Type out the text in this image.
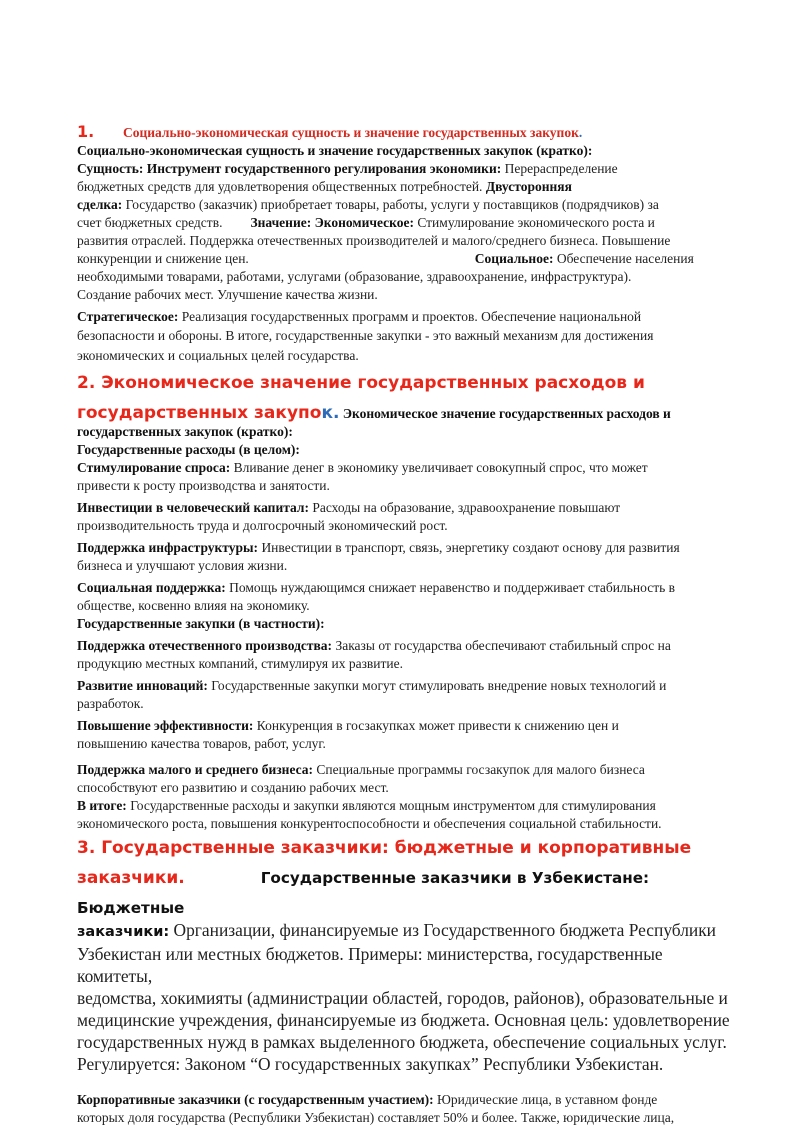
1. Социально-экономическая сущность и значение государственных закупок.

Социально-экономическая сущность и значение государственных закупок (кратко):

Сущность: Инструмент государственного регулирования экономики: Перераспределение

бюджетных средств для удовлетворения общественных потребностей. Двусторонняя

сделка: Государство (заказчик) приобретает товары, работы, услуги у поставщиков (подрядчиков) за

счет бюджетных средств. Значение: Экономическое: Стимулирование экономического роста и

развития отраслей. Поддержка отечественных производителей и малого/среднего бизнеса. Повышение

конкуренции и снижение цен.	Социальное: Обеспечение населения

необходимыми товарами, работами, услугами (образование, здравоохранение, инфраструктура).

Создание рабочих мест. Улучшение качества жизни.

Стратегическое: Реализация государственных программ и проектов. Обеспечение национальной

безопасности и обороны. В итоге, государственные закупки - это важный механизм для достижения

экономических и социальных целей государства.

2. Экономическое значение государственных расходов и
государственных закупок. Экономическое значение государственных расходов и

государственных закупок (кратко):

Государственные расходы (в целом):

Стимулирование спроса: Вливание денег в экономику увеличивает совокупный спрос, что может

привести к росту производства и занятости.

Инвестиции в человеческий капитал: Расходы на образование, здравоохранение повышают

производительность труда и долгосрочный экономический рост.

Поддержка инфраструктуры: Инвестиции в транспорт, связь, энергетику создают основу для развития

бизнеса и улучшают условия жизни.

Социальная поддержка: Помощь нуждающимся снижает неравенство и поддерживает стабильность в

обществе, косвенно влияя на экономику.

Государственные закупки (в частности):

Поддержка отечественного производства: Заказы от государства обеспечивают стабильный спрос на

продукцию местных компаний, стимулируя их развитие.

Развитие инноваций: Государственные закупки могут стимулировать внедрение новых технологий и

разработок.

Повышение эффективности: Конкуренция в госзакупках может привести к снижению цен и

повышению качества товаров, работ, услуг.

Поддержка малого и среднего бизнеса: Специальные программы госзакупок для малого бизнеса

способствуют его развитию и созданию рабочих мест.

В итоге: Государственные расходы и закупки являются мощным инструментом для стимулирования

экономического роста, повышения конкурентоспособности и обеспечения социальной стабильности.

3. Государственные заказчики: бюджетные и корпоративные
заказчики.	Государственные заказчики в Узбекистане: Бюджетные

заказчики: Организации, финансируемые из Государственного бюджета Республики

Узбекистан или местных бюджетов. Примеры: министерства, государственные комитеты,

ведомства, хокимияты (администрации областей, городов, районов), образовательные и

медицинские учреждения, финансируемые из бюджета. Основная цель: удовлетворение

государственных нужд в рамках выделенного бюджета, обеспечение социальных услуг.

Регулируется: Законом “О государственных закупках” Республики Узбекистан.

Корпоративные заказчики (с государственным участием): Юридические лица, в уставном фонде

которых доля государства (Республики Узбекистан) составляет 50% и более. Также, юридические лица,
